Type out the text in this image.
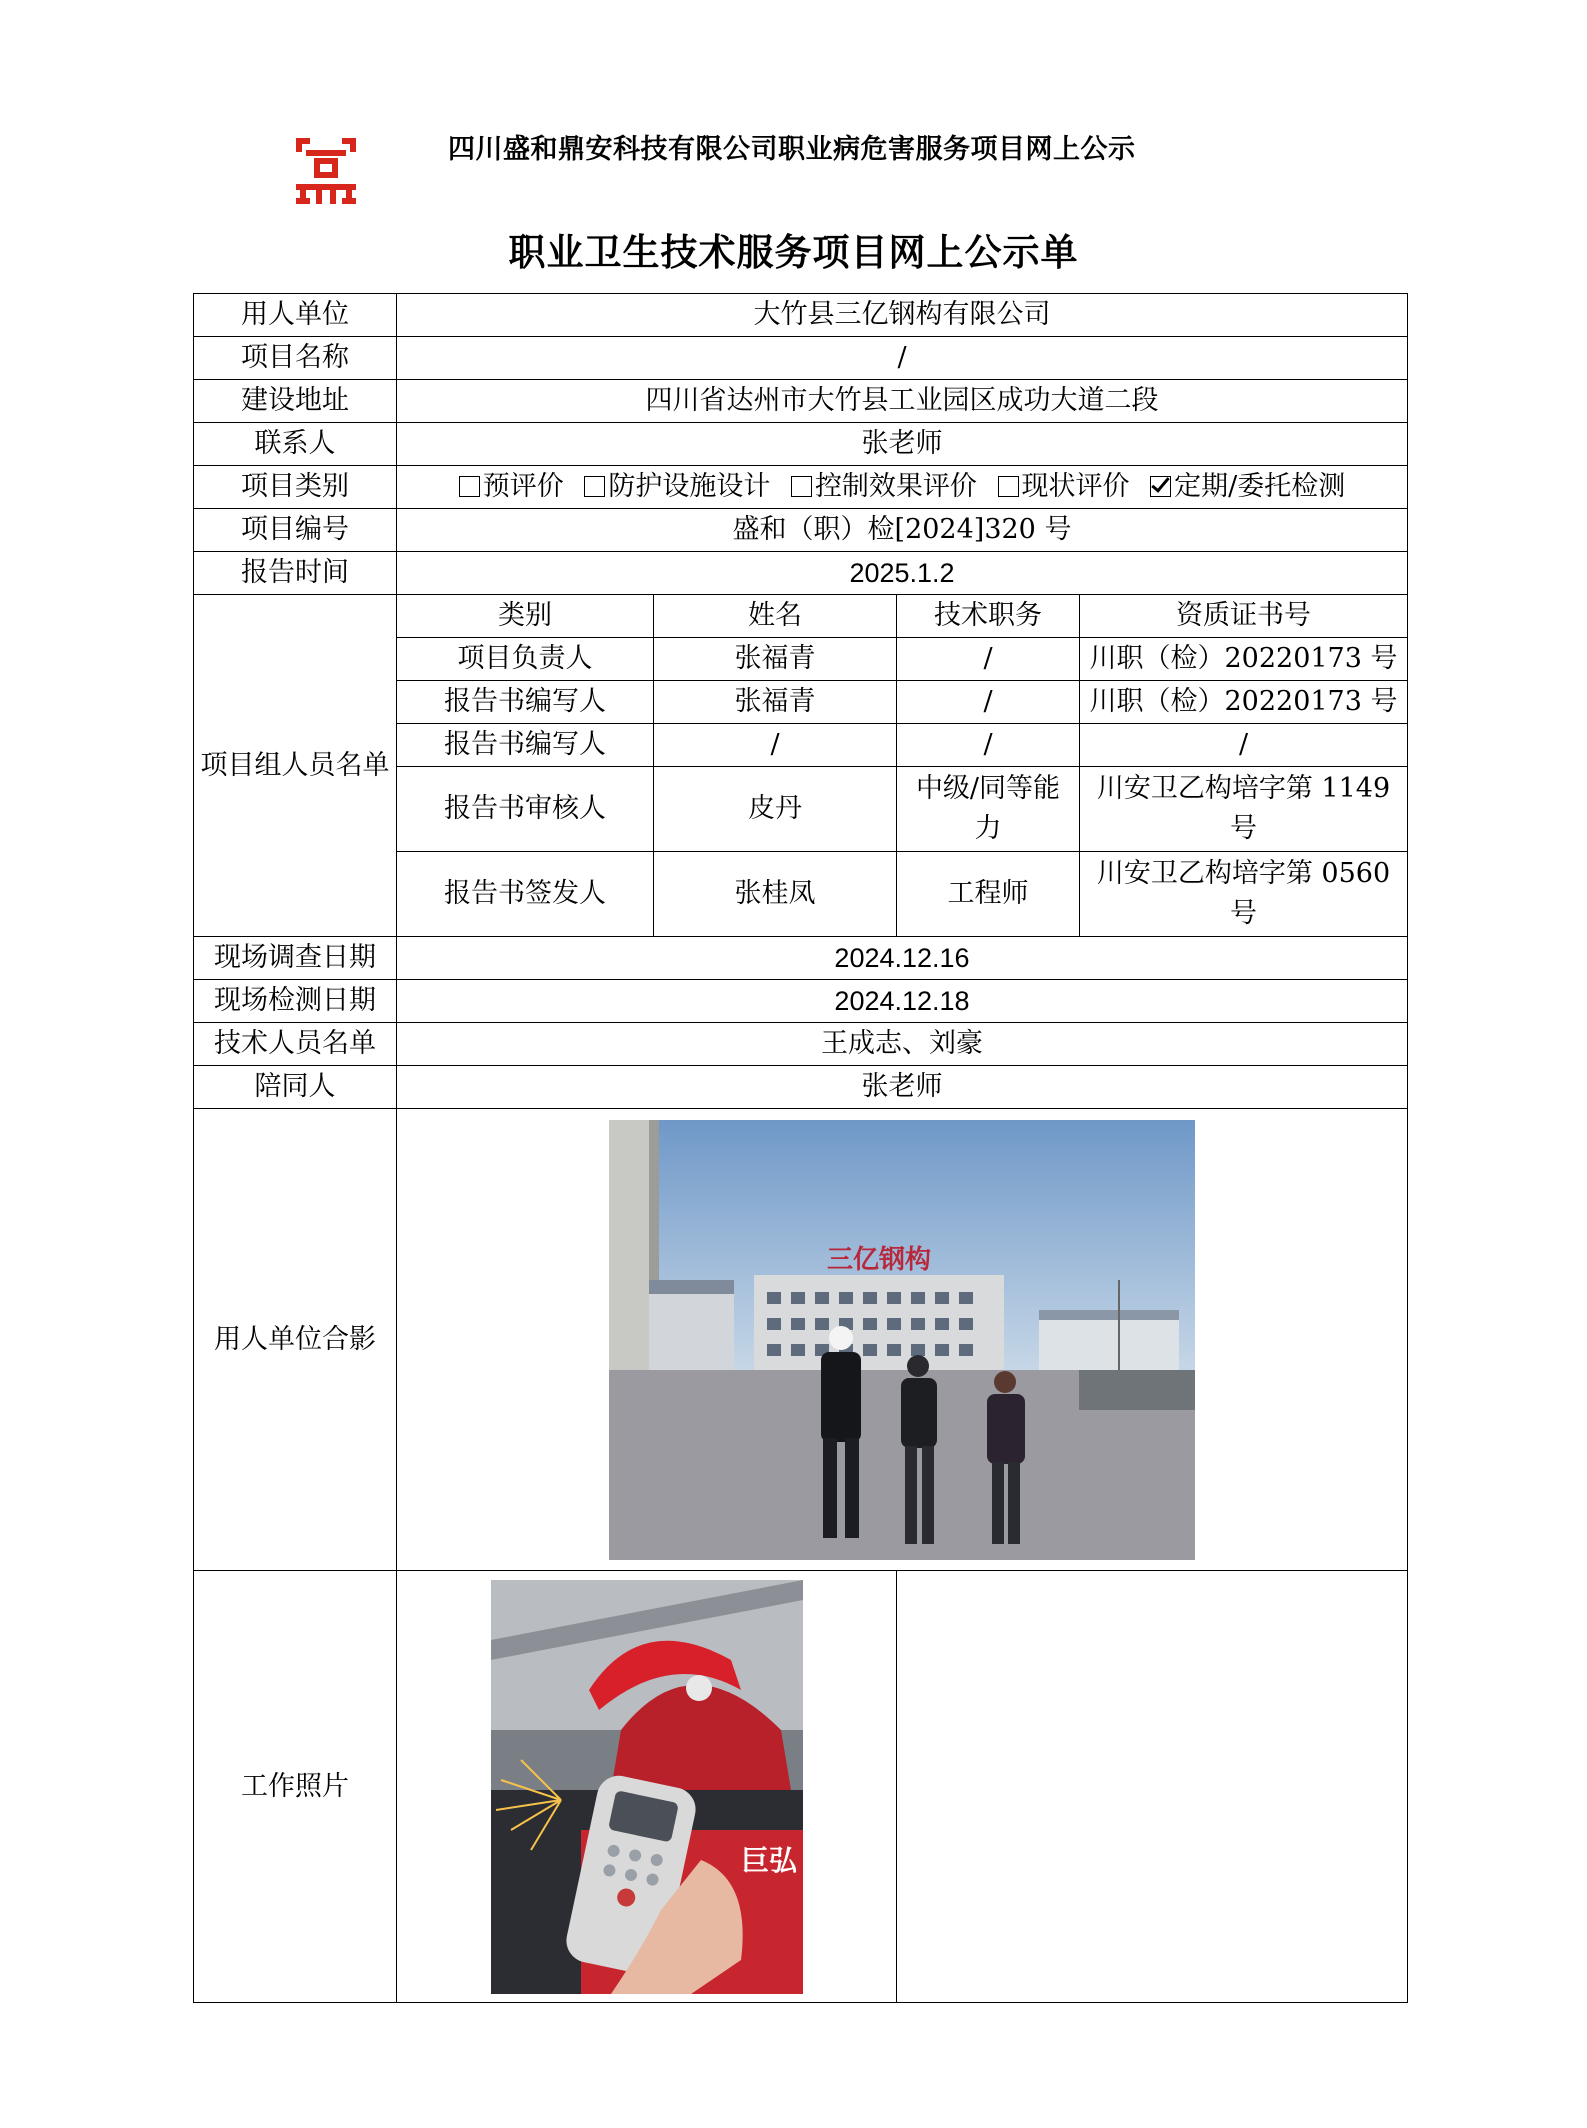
四川盛和鼎安科技有限公司职业病危害服务项目网上公示
职业卫生技术服务项目网上公示单
用人单位	大竹县三亿钢构有限公司			
项目名称	/			
建设地址	四川省达州市大竹县工业园区成功大道二段			
联系人	张老师			
项目类别	预评价 防护设施设计 控制效果评价 现状评价 定期/委托检测			
项目编号	盛和（职）检[2024]320 号			
报告时间	2025.1.2			
项目组人员名单	类别	姓名	技术职务	资质证书号
	项目负责人	张福青	/	川职（检）20220173 号
	报告书编写人	张福青	/	川职（检）20220173 号
	报告书编写人	/	/	/
	报告书审核人	皮丹	中级/同等能力	川安卫乙构培字第 1149 号
	报告书签发人	张桂凤	工程师	川安卫乙构培字第 0560 号
现场调查日期	2024.12.16			
现场检测日期	2024.12.18			
技术人员名单	王成志、刘豪			
陪同人	张老师			
用人单位合影	三亿钢构			

工作照片	巨弘			
